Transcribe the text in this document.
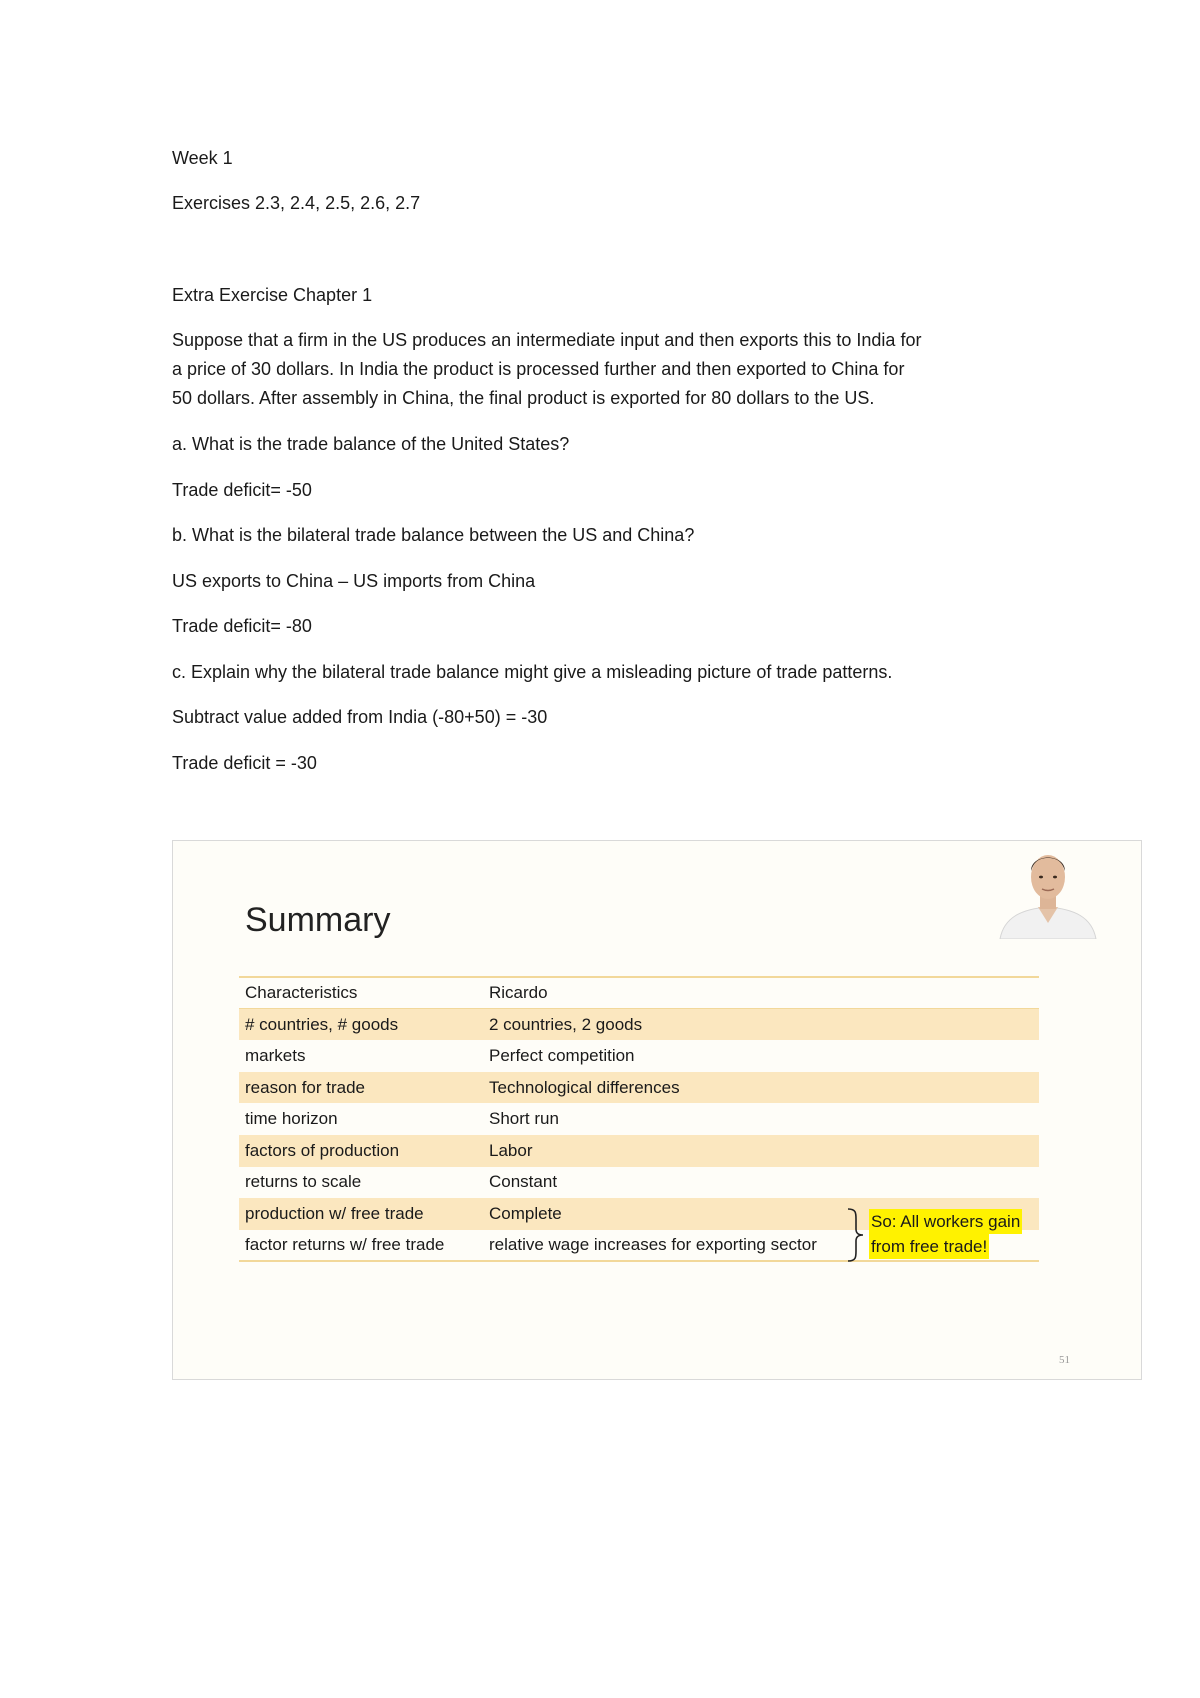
Week 1
Exercises 2.3, 2.4, 2.5, 2.6, 2.7
Extra Exercise Chapter 1
Suppose that a firm in the US produces an intermediate input and then exports this to India for
a price of 30 dollars. In India the product is processed further and then exported to China for
50 dollars. After assembly in China, the final product is exported for 80 dollars to the US.
a. What is the trade balance of the United States?
Trade deficit= -50
b. What is the bilateral trade balance between the US and China?
US exports to China – US imports from China
Trade deficit= -80
c. Explain why the bilateral trade balance might give a misleading picture of trade patterns.
Subtract value added from India (-80+50) = -30
Trade deficit = -30
Summary
Characteristics	Ricardo
# countries, # goods	2 countries, 2 goods
markets	Perfect competition
reason for trade	Technological differences
time horizon	Short run
factors of production	Labor
returns to scale	Constant
production w/ free trade	Complete
factor returns w/ free trade	relative wage increases for exporting sector
So: All workers gain
from free trade!
51
